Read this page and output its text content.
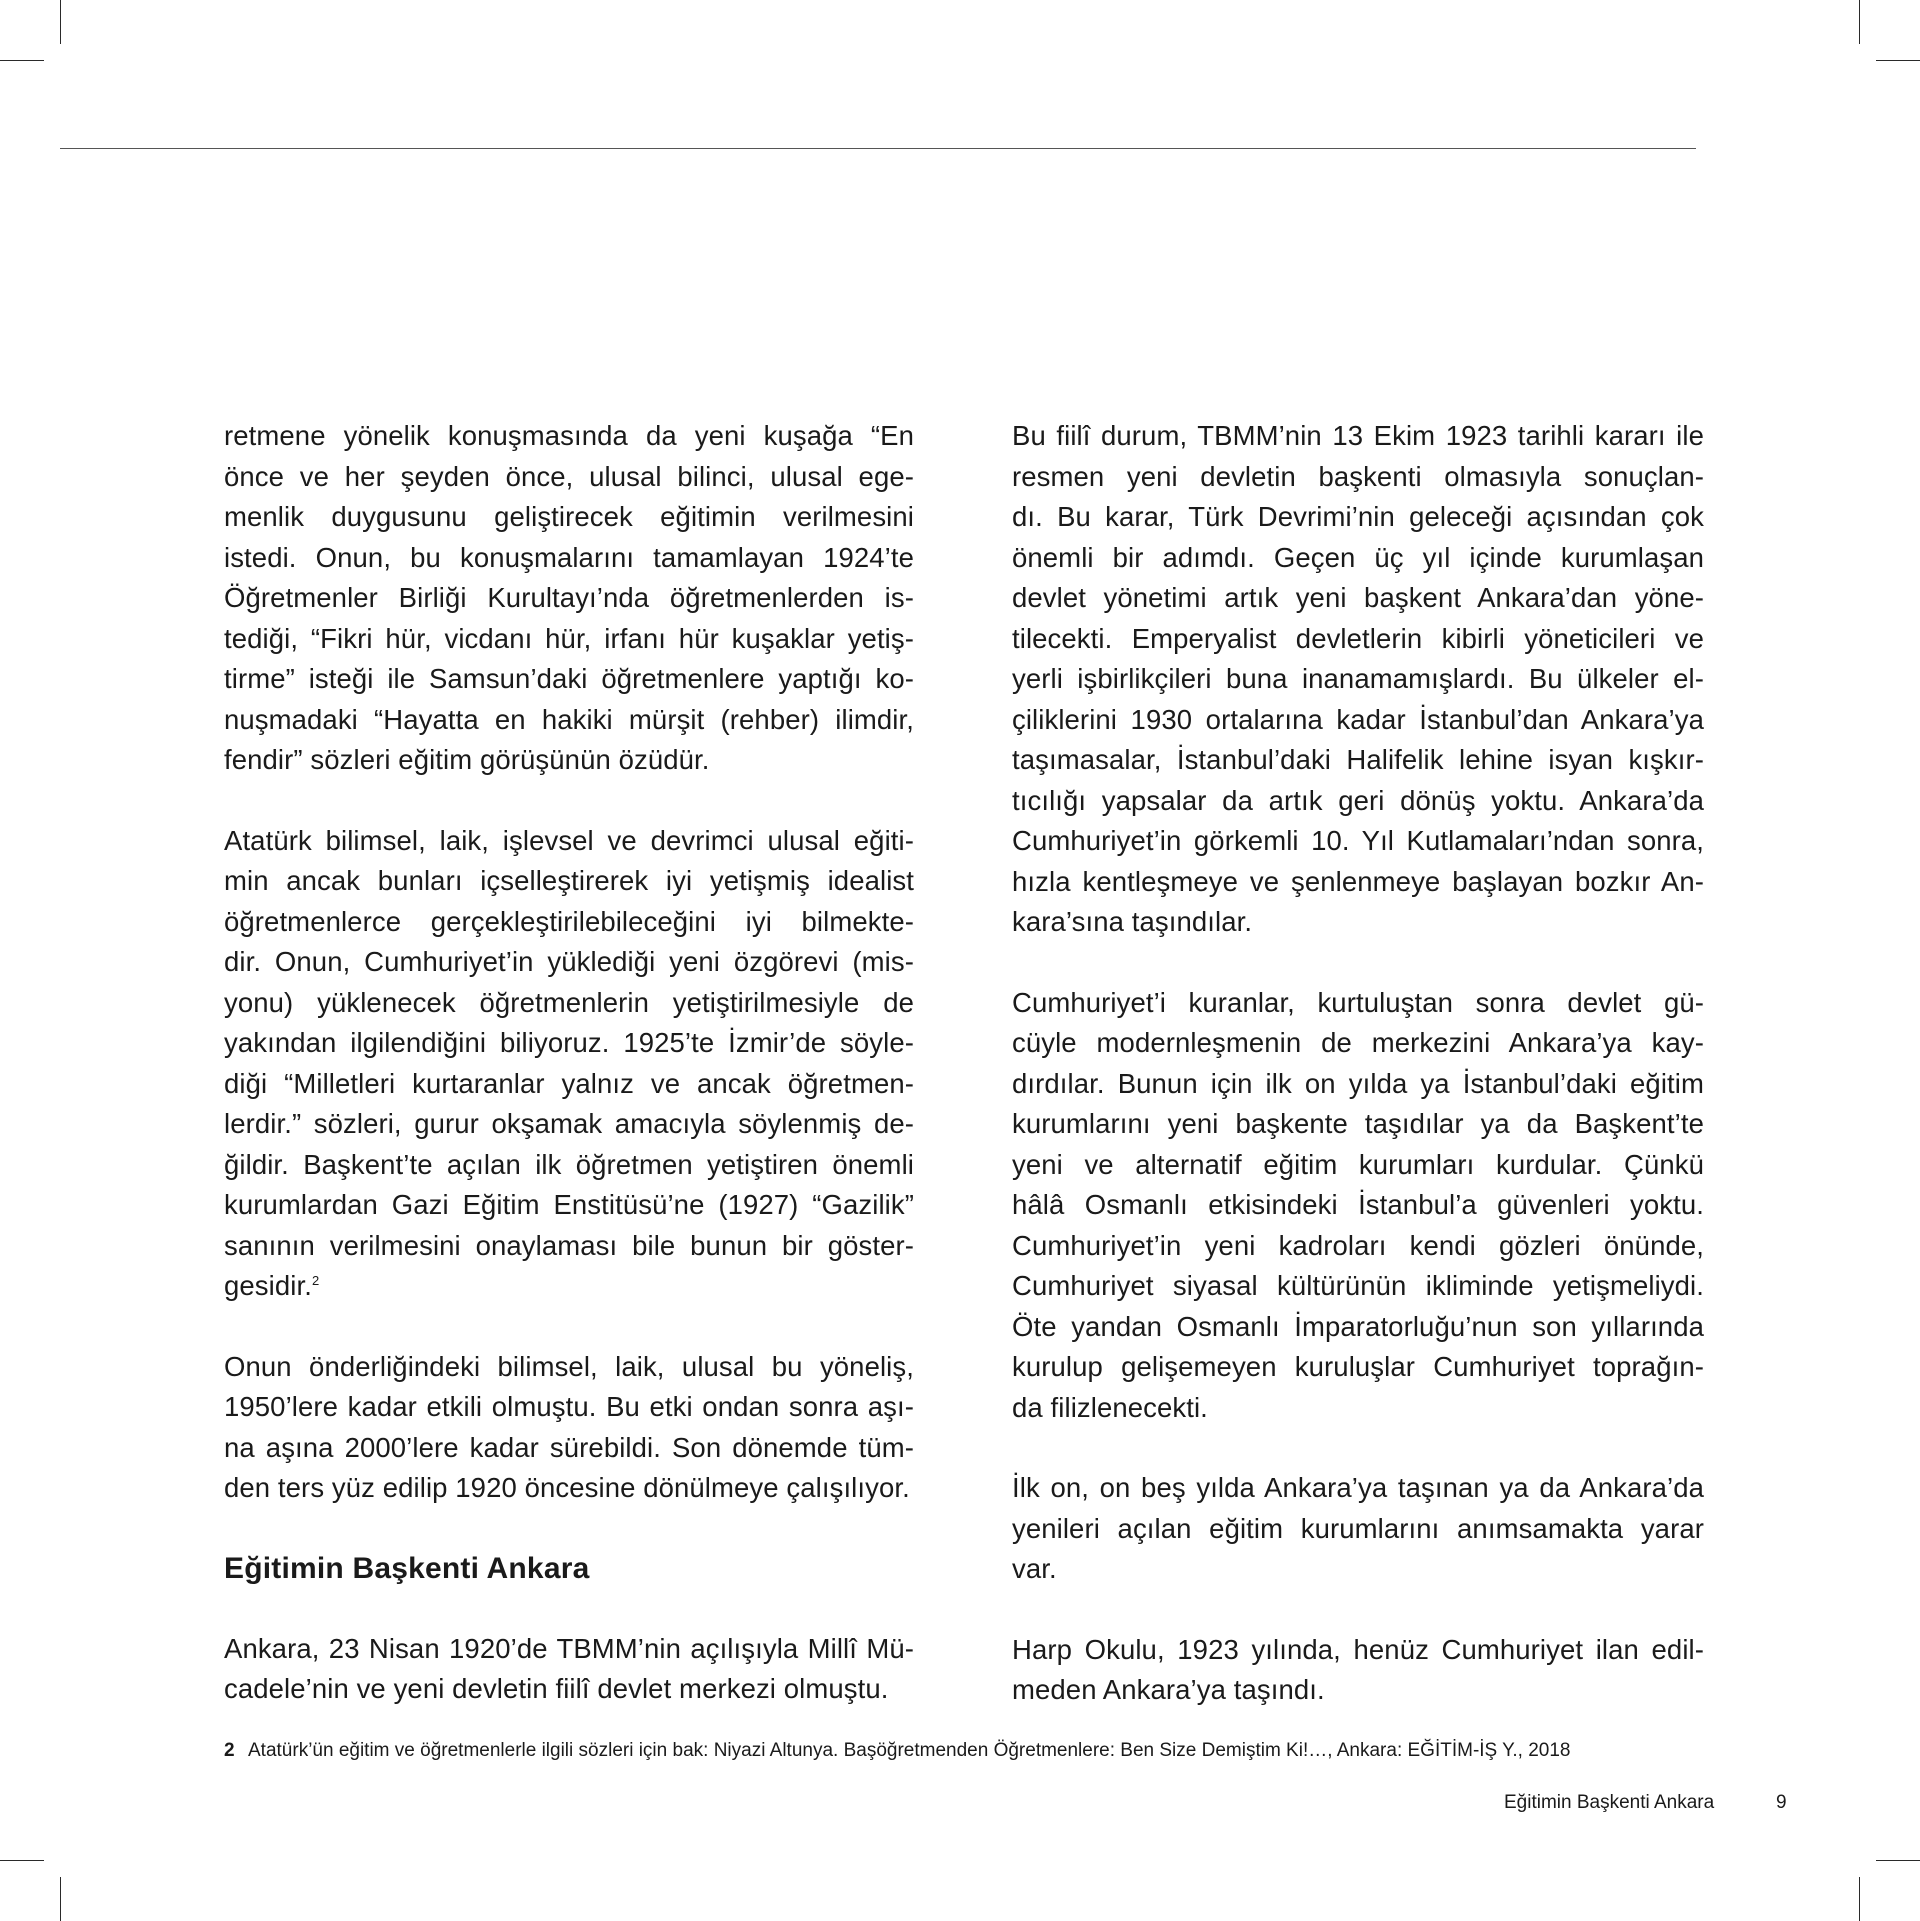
retmene yönelik konuşmasında da yeni kuşağa “En
önce ve her şeyden önce, ulusal bilinci, ulusal ege-
menlik duygusunu geliştirecek eğitimin verilmesini
istedi. Onun, bu konuşmalarını tamamlayan 1924’te
Öğretmenler Birliği Kurultayı’nda öğretmenlerden is-
tediği, “Fikri hür, vicdanı hür, irfanı hür kuşaklar yetiş-
tirme” isteği ile Samsun’daki öğretmenlere yaptığı ko-
nuşmadaki “Hayatta en hakiki mürşit (rehber) ilimdir,
fendir” sözleri eğitim görüşünün özüdür.

Atatürk bilimsel, laik, işlevsel ve devrimci ulusal eğiti-
min ancak bunları içselleştirerek iyi yetişmiş idealist
öğretmenlerce gerçekleştirilebileceğini iyi bilmekte-
dir. Onun, Cumhuriyet’in yüklediği yeni özgörevi (mis-
yonu) yüklenecek öğretmenlerin yetiştirilmesiyle de
yakından ilgilendiğini biliyoruz. 1925’te İzmir’de söyle-
diği “Milletleri kurtaranlar yalnız ve ancak öğretmen-
lerdir.” sözleri, gurur okşamak amacıyla söylenmiş de-
ğildir. Başkent’te açılan ilk öğretmen yetiştiren önemli
kurumlardan Gazi Eğitim Enstitüsü’ne (1927) “Gazilik”
sanının verilmesini onaylaması bile bunun bir göster-
gesidir.$^2$

Onun önderliğindeki bilimsel, laik, ulusal bu yöneliş,
1950’lere kadar etkili olmuştu. Bu etki ondan sonra aşı-
na aşına 2000’lere kadar sürebildi. Son dönemde tüm-
den ters yüz edilip 1920 öncesine dönülmeye çalışılıyor.

Eğitimin Başkenti Ankara

Ankara, 23 Nisan 1920’de TBMM’nin açılışıyla Millî Mü-
cadele’nin ve yeni devletin fiilî devlet merkezi olmuştu.

Bu fiilî durum, TBMM’nin 13 Ekim 1923 tarihli kararı ile
resmen yeni devletin başkenti olmasıyla sonuçlan-
dı. Bu karar, Türk Devrimi’nin geleceği açısından çok
önemli bir adımdı. Geçen üç yıl içinde kurumlaşan
devlet yönetimi artık yeni başkent Ankara’dan yöne-
tilecekti. Emperyalist devletlerin kibirli yöneticileri ve
yerli işbirlikçileri buna inanamamışlardı. Bu ülkeler el-
çiliklerini 1930 ortalarına kadar İstanbul’dan Ankara’ya
taşımasalar, İstanbul’daki Halifelik lehine isyan kışkır-
tıcılığı yapsalar da artık geri dönüş yoktu. Ankara’da
Cumhuriyet’in görkemli 10. Yıl Kutlamaları’ndan sonra,
hızla kentleşmeye ve şenlenmeye başlayan bozkır An-
kara’sına taşındılar.

Cumhuriyet’i kuranlar, kurtuluştan sonra devlet gü-
cüyle modernleşmenin de merkezini Ankara’ya kay-
dırdılar. Bunun için ilk on yılda ya İstanbul’daki eğitim
kurumlarını yeni başkente taşıdılar ya da Başkent’te
yeni ve alternatif eğitim kurumları kurdular. Çünkü
hâlâ Osmanlı etkisindeki İstanbul’a güvenleri yoktu.
Cumhuriyet’in yeni kadroları kendi gözleri önünde,
Cumhuriyet siyasal kültürünün ikliminde yetişmeliydi.
Öte yandan Osmanlı İmparatorluğu’nun son yıllarında
kurulup gelişemeyen kuruluşlar Cumhuriyet toprağın-
da filizlenecekti.

İlk on, on beş yılda Ankara’ya taşınan ya da Ankara’da
yenileri açılan eğitim kurumlarını anımsamakta yarar
var.

Harp Okulu, 1923 yılında, henüz Cumhuriyet ilan edil-
meden Ankara’ya taşındı.

2 Atatürk’ün eğitim ve öğretmenlerle ilgili sözleri için bak: Niyazi Altunya. Başöğretmenden Öğretmenlere: Ben Size Demiştim Ki!…, Ankara: EĞİTİM-İŞ Y., 2018
Eğitimin Başkenti Ankara	9
